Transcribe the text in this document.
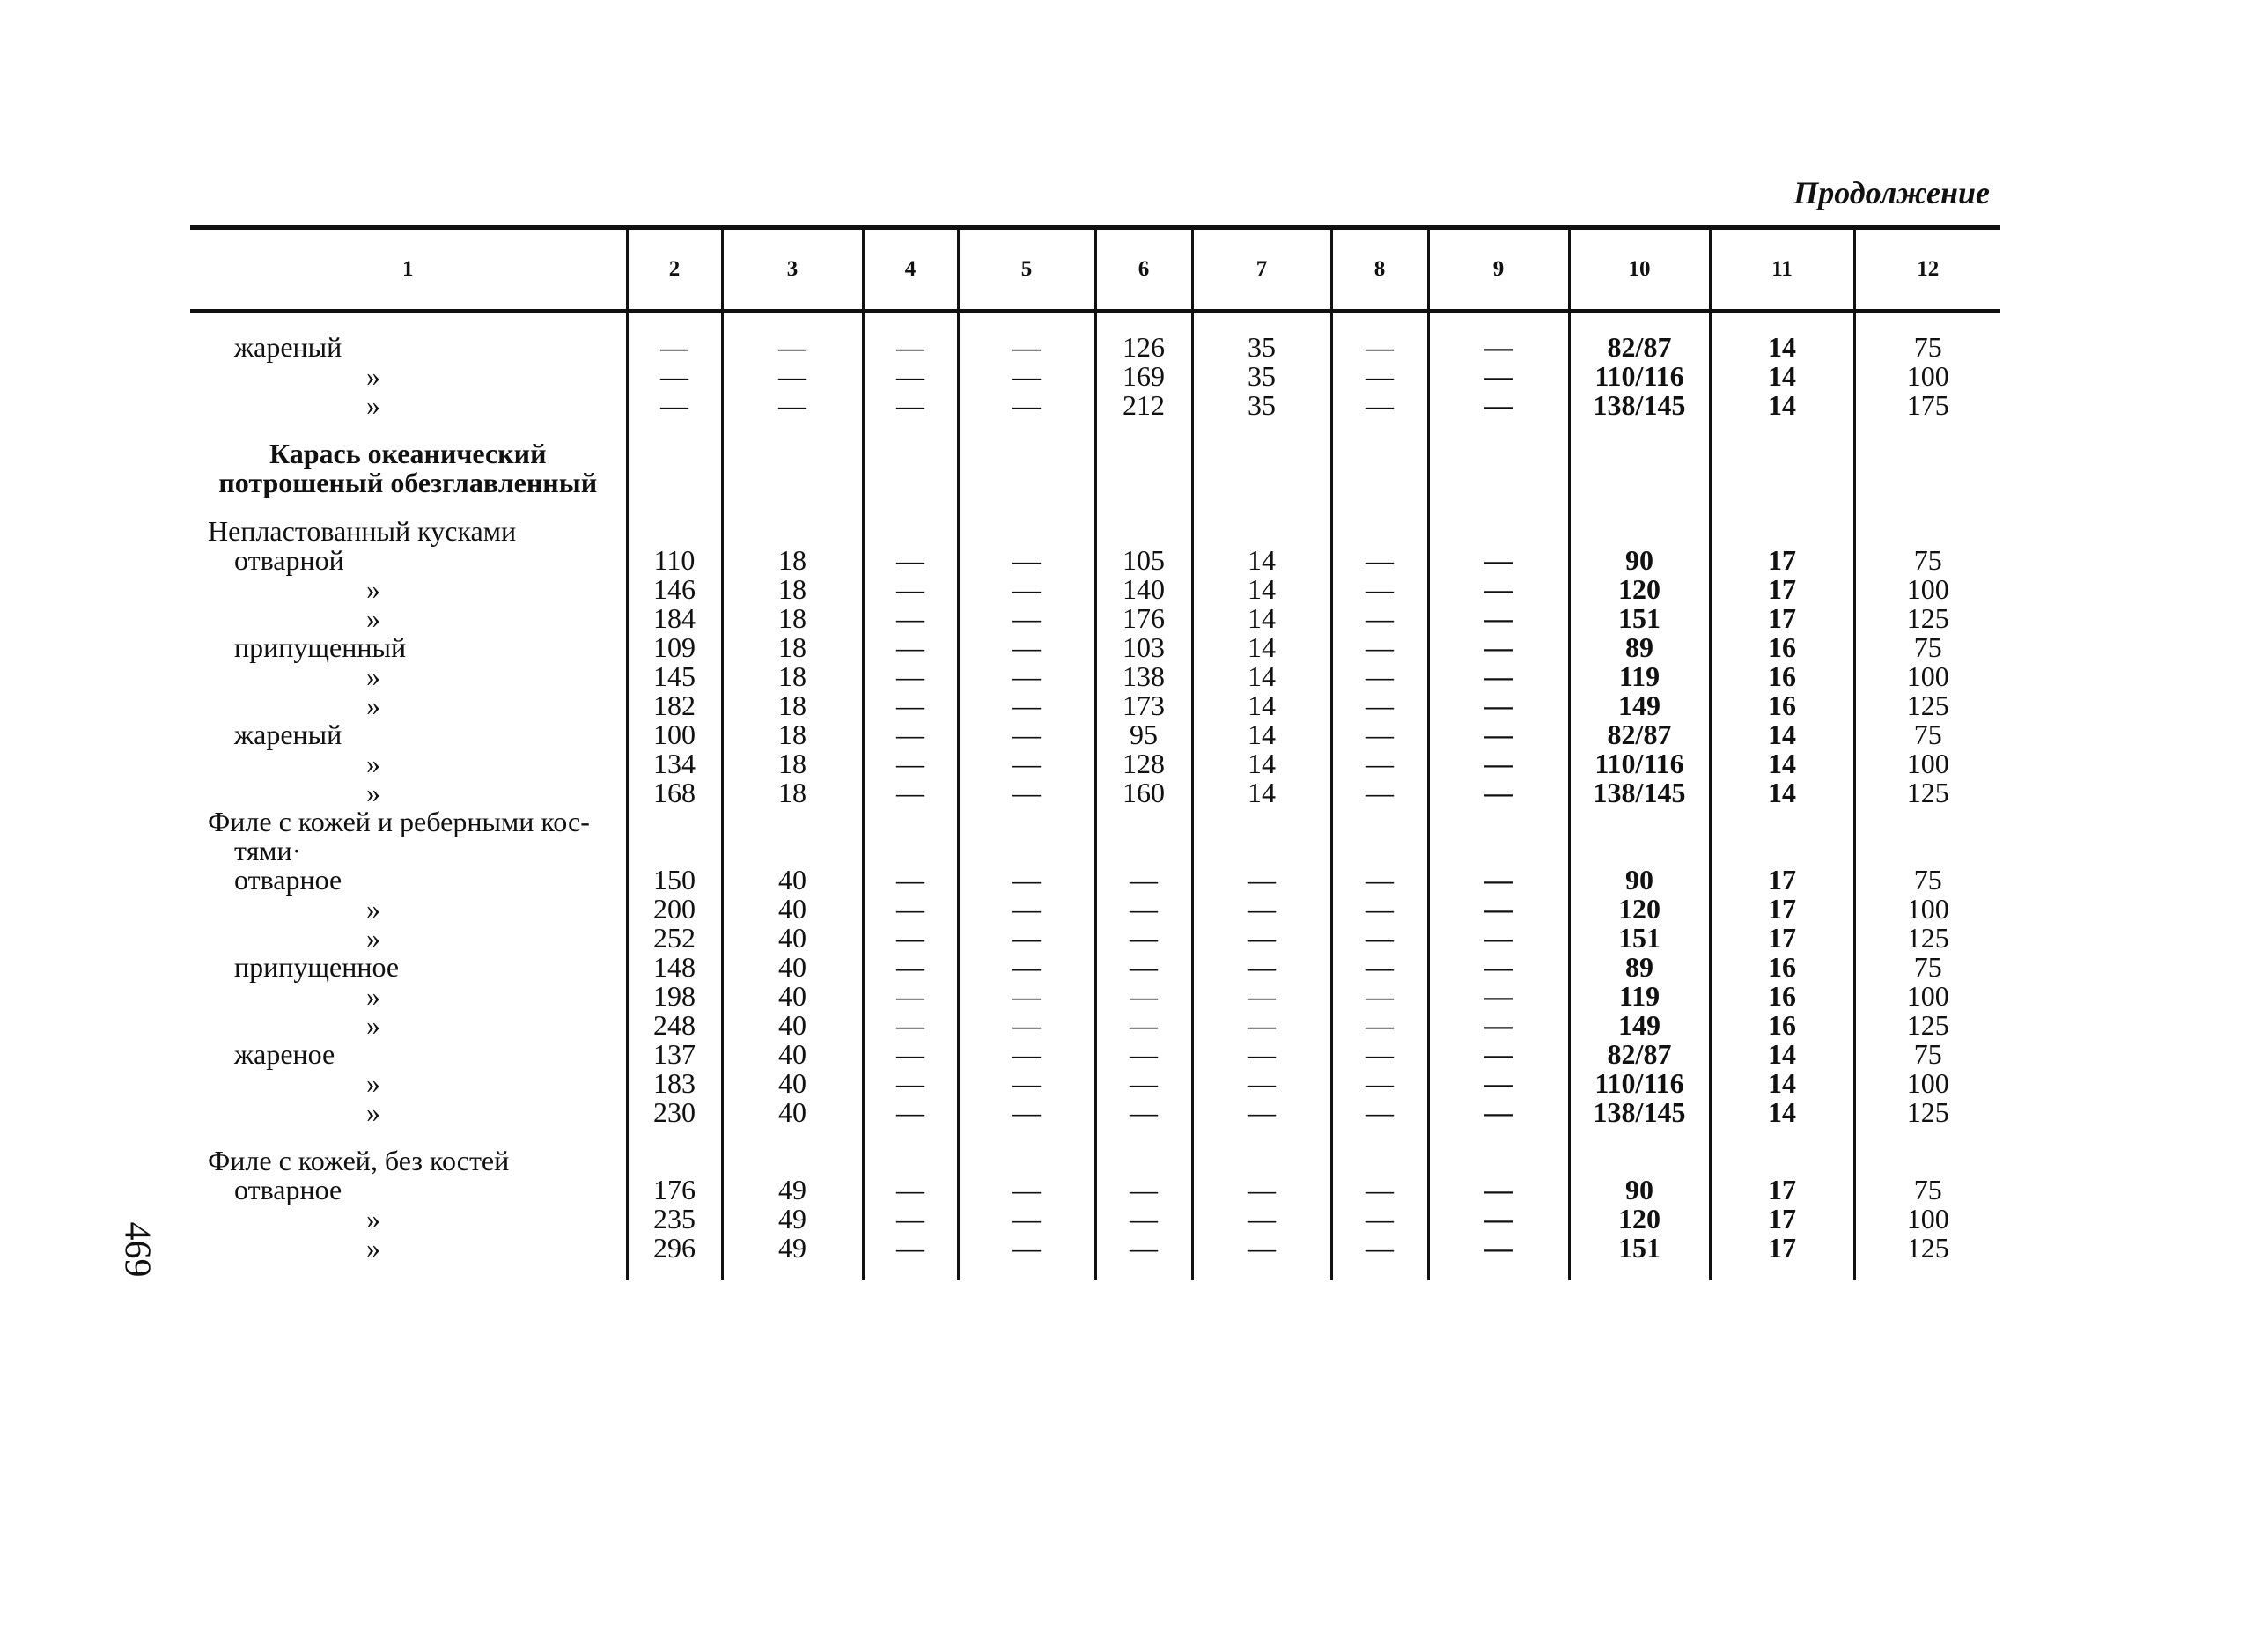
Продолжение
469
1	2	3	4	5	6	7	8	9	10	11	12

жареный	—	—	—	—	126	35	—	—	82/87	14	75
»	—	—	—	—	169	35	—	—	110/116	14	100
»	—	—	—	—	212	35	—	—	138/145	14	175

Карась океанический											
потрошеный обезглавленный											

Непластованный кусками											
отварной	110	18	—	—	105	14	—	—	90	17	75
»	146	18	—	—	140	14	—	—	120	17	100
»	184	18	—	—	176	14	—	—	151	17	125
припущенный	109	18	—	—	103	14	—	—	89	16	75
»	145	18	—	—	138	14	—	—	119	16	100
»	182	18	—	—	173	14	—	—	149	16	125
жареный	100	18	—	—	95	14	—	—	82/87	14	75
»	134	18	—	—	128	14	—	—	110/116	14	100
»	168	18	—	—	160	14	—	—	138/145	14	125
Филе с кожей и реберными кос-											
тями·											
отварное	150	40	—	—	—	—	—	—	90	17	75
»	200	40	—	—	—	—	—	—	120	17	100
»	252	40	—	—	—	—	—	—	151	17	125
припущенное	148	40	—	—	—	—	—	—	89	16	75
»	198	40	—	—	—	—	—	—	119	16	100
»	248	40	—	—	—	—	—	—	149	16	125
жареное	137	40	—	—	—	—	—	—	82/87	14	75
»	183	40	—	—	—	—	—	—	110/116	14	100
»	230	40	—	—	—	—	—	—	138/145	14	125

Филе с кожей, без костей											
отварное	176	49	—	—	—	—	—	—	90	17	75
»	235	49	—	—	—	—	—	—	120	17	100
»	296	49	—	—	—	—	—	—	151	17	125
